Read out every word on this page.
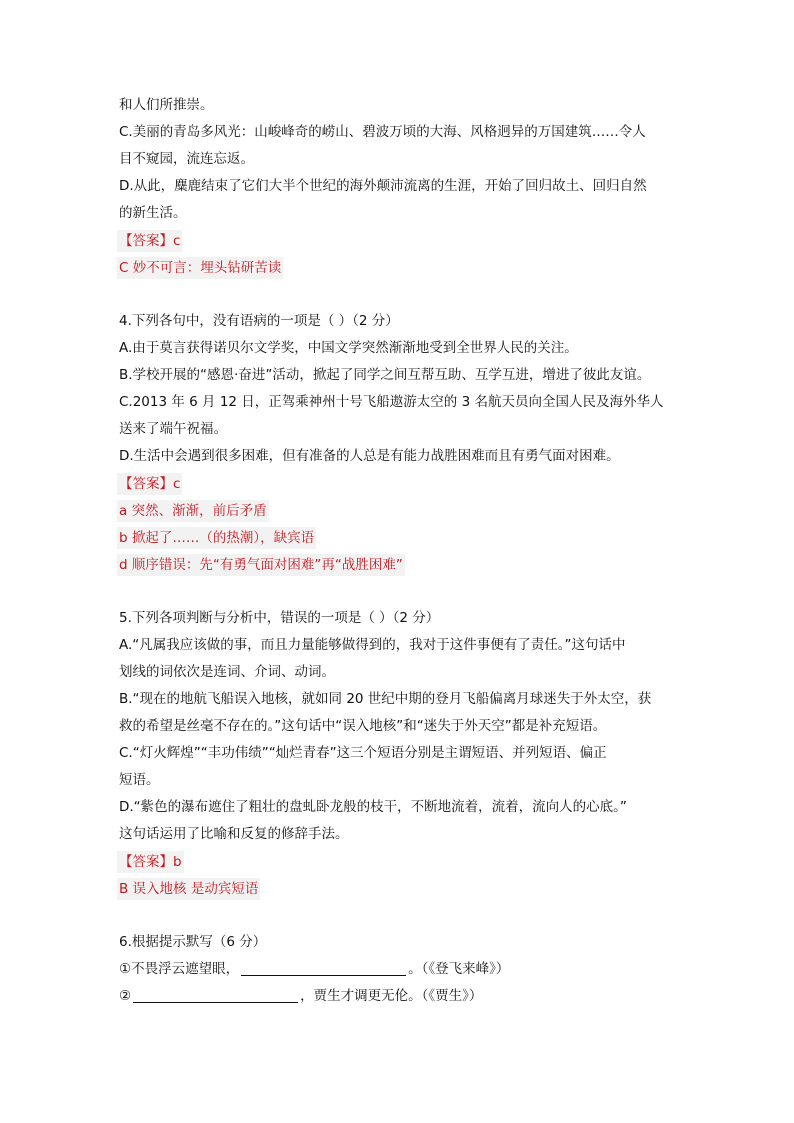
和人们所推崇。
C.美丽的青岛多风光：山峻峰奇的崂山、碧波万顷的大海、风格迥异的万国建筑……令人
目不窥园，流连忘返。
D.从此，麋鹿结束了它们大半个世纪的海外颠沛流离的生涯，开始了回归故土、回归自然
的新生活。
【答案】c
C 妙不可言：埋头钻研苦读
4.下列各句中，没有语病的一项是（ ）（2 分）
A.由于莫言获得诺贝尔文学奖，中国文学突然渐渐地受到全世界人民的关注。
B.学校开展的“感恩·奋进”活动，掀起了同学之间互帮互助、互学互进，增进了彼此友谊。
C.2013 年 6 月 12 日，正驾乘神州十号飞船遨游太空的 3 名航天员向全国人民及海外华人
送来了端午祝福。
D.生活中会遇到很多困难，但有准备的人总是有能力战胜困难而且有勇气面对困难。
【答案】c
a 突然、渐渐，前后矛盾
b 掀起了……（的热潮），缺宾语
d 顺序错误：先“有勇气面对困难”再“战胜困难”
5.下列各项判断与分析中，错误的一项是（ ）（2 分）
A.“凡属我应该做的事，而且力量能够做得到的，我对于这件事便有了责任。”这句话中
划线的词依次是连词、介词、动词。
B.“现在的地航飞船误入地核，就如同 20 世纪中期的登月飞船偏离月球迷失于外太空，获
救的希望是丝毫不存在的。”这句话中“误入地核”和“迷失于外天空”都是补充短语。
C.“灯火辉煌”“丰功伟绩”“灿烂青春”这三个短语分别是主谓短语、并列短语、偏正
短语。
D.“紫色的瀑布遮住了粗壮的盘虬卧龙般的枝干，不断地流着，流着，流向人的心底。”
这句话运用了比喻和反复的修辞手法。
【答案】b
B 误入地核 是动宾短语
6.根据提示默写（6 分）
①不畏浮云遮望眼，	。（《登飞来峰》）
②	，贾生才调更无伦。（《贾生》）
